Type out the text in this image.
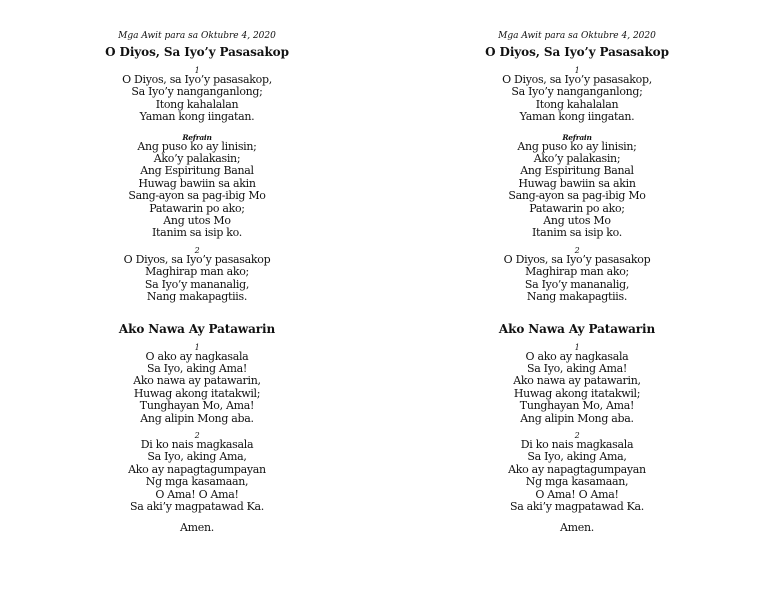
Mga Awit para sa Oktubre 4, 2020
O Diyos, Sa Iyo’y Pasasakop
1
O Diyos, sa Iyo’y pasasakop,
Sa Iyo’y nanganganlong;
Itong kahalalan
Yaman kong iingatan.
Refrain
Ang puso ko ay linisin;
Ako’y palakasin;
Ang Espiritung Banal
Huwag bawiin sa akin
Sang-ayon sa pag-ibig Mo
Patawarin po ako;
Ang utos Mo
Itanim sa isip ko.
2
O Diyos, sa Iyo’y pasasakop
Maghirap man ako;
Sa Iyo’y mananalig,
Nang makapagtiis.
Ako Nawa Ay Patawarin
1
O ako ay nagkasala
Sa Iyo, aking Ama!
Ako nawa ay patawarin,
Huwag akong itatakwil;
Tunghayan Mo, Ama!
Ang alipin Mong aba.
2
Di ko nais magkasala
Sa Iyo, aking Ama,
Ako ay napagtagumpayan
Ng mga kasamaan,
O Ama! O Ama!
Sa aki’y magpatawad Ka.
Amen.
Mga Awit para sa Oktubre 4, 2020
O Diyos, Sa Iyo’y Pasasakop
1
O Diyos, sa Iyo’y pasasakop,
Sa Iyo’y nanganganlong;
Itong kahalalan
Yaman kong iingatan.
Refrain
Ang puso ko ay linisin;
Ako’y palakasin;
Ang Espiritung Banal
Huwag bawiin sa akin
Sang-ayon sa pag-ibig Mo
Patawarin po ako;
Ang utos Mo
Itanim sa isip ko.
2
O Diyos, sa Iyo’y pasasakop
Maghirap man ako;
Sa Iyo’y mananalig,
Nang makapagtiis.
Ako Nawa Ay Patawarin
1
O ako ay nagkasala
Sa Iyo, aking Ama!
Ako nawa ay patawarin,
Huwag akong itatakwil;
Tunghayan Mo, Ama!
Ang alipin Mong aba.
2
Di ko nais magkasala
Sa Iyo, aking Ama,
Ako ay napagtagumpayan
Ng mga kasamaan,
O Ama! O Ama!
Sa aki’y magpatawad Ka.
Amen.
